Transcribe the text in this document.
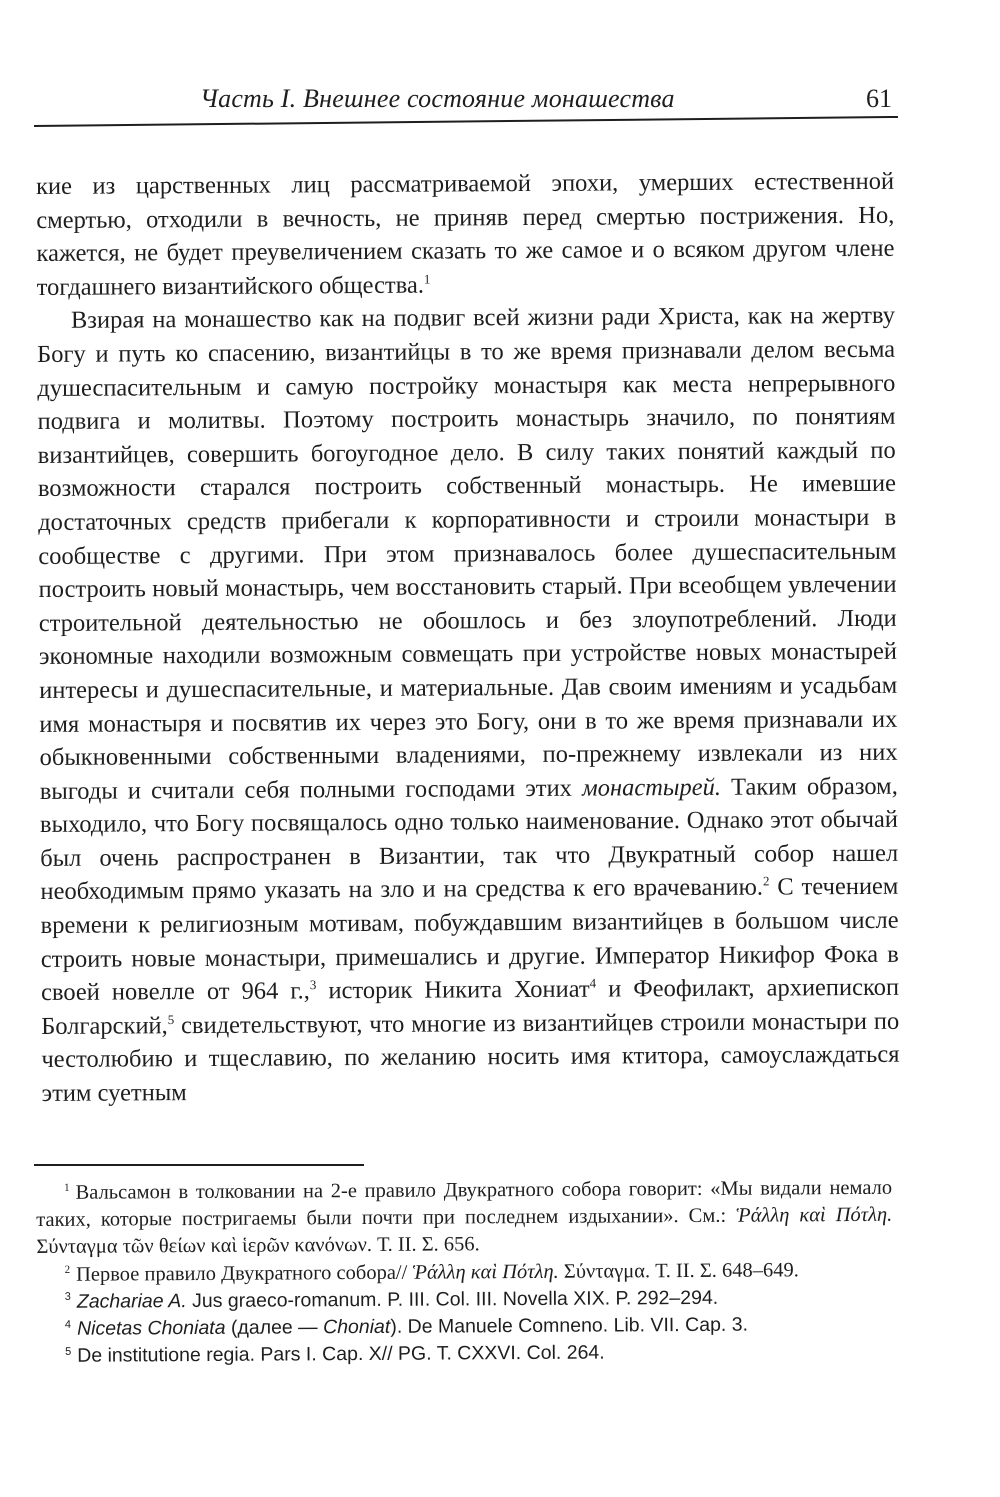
Часть I. Внешнее состояние монашества	61

кие из царственных лиц рассматриваемой эпохи, умерших естественной смертью, отходили в вечность, не приняв перед смертью пострижения. Но, кажется, не будет преувеличением сказать то же самое и о всяком другом члене тогдашнего византийского общества.$^1$

Взирая на монашество как на подвиг всей жизни ради Христа, как на жертву Богу и путь ко спасению, византийцы в то же время признавали делом весьма душеспасительным и самую постройку монастыря как места непрерывного подвига и молитвы. Поэтому построить монастырь значило, по понятиям византийцев, совершить богоугодное дело. В силу таких понятий каждый по возможности старался построить собственный монастырь. Не имевшие достаточных средств прибегали к корпоративности и строили монастыри в сообществе с другими. При этом признавалось более душеспасительным построить новый монастырь, чем восстановить старый. При всеобщем увлечении строительной деятельностью не обошлось и без злоупотреблений. Люди экономные находили возможным совмещать при устройстве новых монастырей интересы и душеспасительные, и материальные. Дав своим имениям и усадьбам имя монастыря и посвятив их через это Богу, они в то же время признавали их обыкновенными собственными владениями, по-прежнему извлекали из них выгоды и считали себя полными господами этих монастырей. Таким образом, выходило, что Богу посвящалось одно только наименование. Однако этот обычай был очень распространен в Византии, так что Двукратный собор нашел необходимым прямо указать на зло и на средства к его врачеванию.$^2$ С течением времени к религиозным мотивам, побуждавшим византийцев в большом числе строить новые монастыри, примешались и другие. Император Никифор Фока в своей новелле от 964 г.,$^3$ историк Никита Хониат$^4$ и Феофилакт, архиепископ Болгарский,$^5$ свидетельствуют, что многие из византийцев строили монастыри по честолюбию и тщеславию, по желанию носить имя ктитора, самоуслаждаться этим суетным

$^1$ Вальсамон в толковании на 2-е правило Двукратного собора говорит: «Мы видали немало таких, которые постригаемы были почти при последнем издыхании». См.: Ῥάλλη καὶ Πότλη. Σύνταγμα τῶν θείων καὶ ἱερῶν κανόνων. Т. II. Σ. 656.

$^2$ Первое правило Двукратного собора// Ῥάλλη καὶ Πότλη. Σύνταγμα. Т. II. Σ. 648–649.

$^3$ Zachariae A. Jus graeco-romanum. P. III. Col. III. Novella XIX. P. 292–294.

$^4$ Nicetas Choniata (далее — Choniat). De Manuele Comneno. Lib. VII. Cap. 3.

$^5$ De institutione regia. Pars I. Cap. X// PG. T. CXXVI. Col. 264.
